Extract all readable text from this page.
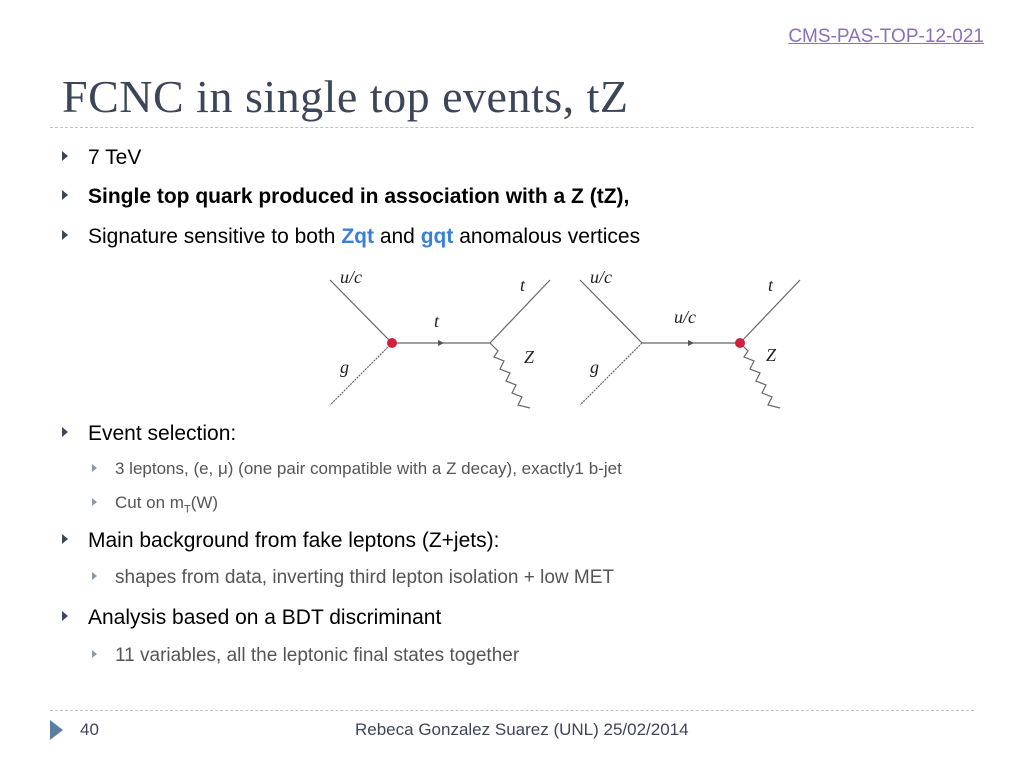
CMS-PAS-TOP-12-021
FCNC in single top events, tZ
7 TeV
Single top quark produced in association with a Z (tZ),
Signature sensitive to both Zqt and gqt anomalous vertices
Event selection:
Main background from fake leptons (Z+jets):
Analysis based on a BDT discriminant
3 leptons, (e, μ) (one pair compatible with a Z decay), exactly1 b-jet
Cut on $m_T(W)$
shapes from data, inverting third lepton isolation + low MET
11 variables, all the leptonic final states together
u/c
g
t
t
Z
u/c
g
u/c
t
Z
40	Rebeca Gonzalez Suarez (UNL) 25/02/2014
